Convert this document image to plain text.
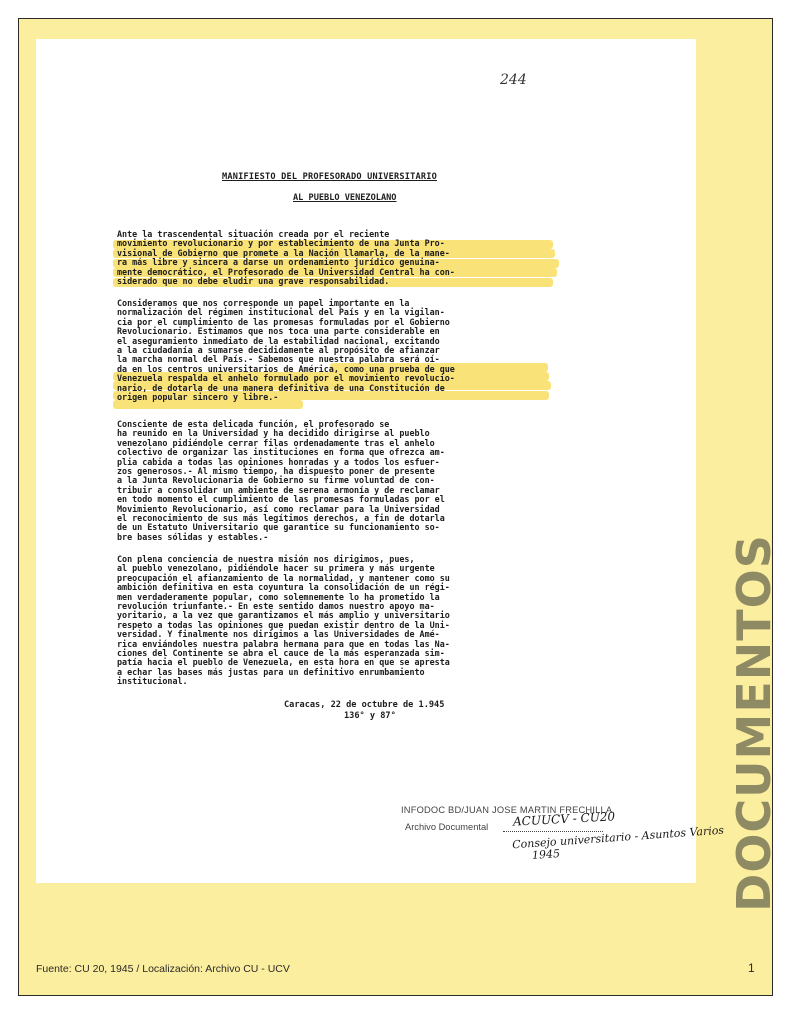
244
MANIFIESTO DEL PROFESORADO UNIVERSITARIO
AL PUEBLO VENEZOLANO
Ante la trascendental situación creada por el reciente
movimiento revolucionario y por establecimiento de una Junta Pro-
visional de Gobierno que promete a la Nación llamarla, de la mane-
ra más libre y sincera a darse un ordenamiento jurídico genuina-
mente democrático, el Profesorado de la Universidad Central ha con-
siderado que no debe eludir una grave responsabilidad.
Consideramos que nos corresponde un papel importante en la
normalización del régimen institucional del País y en la vigilan-
cia por el cumplimiento de las promesas formuladas por el Gobierno
Revolucionario. Estimamos que nos toca una parte considerable en
el aseguramiento inmediato de la estabilidad nacional, excitando
a la ciudadanía a sumarse decididamente al propósito de afianzar
la marcha normal del País.- Sabemos que nuestra palabra será oí-
da en los centros universitarios de América, como una prueba de que
Venezuela respalda el anhelo formulado por el movimiento revolucio-
nario, de dotarla de una manera definitiva de una Constitución de
origen popular sincero y libre.-
Consciente de esta delicada función, el profesorado se
ha reunido en la Universidad y ha decidido dirigirse al pueblo
venezolano pidiéndole cerrar filas ordenadamente tras el anhelo
colectivo de organizar las instituciones en forma que ofrezca am-
plia cabida a todas las opiniones honradas y a todos los esfuer-
zos generosos.- Al mismo tiempo, ha dispuesto poner de presente
a la Junta Revolucionaria de Gobierno su firme voluntad de con-
tribuir a consolidar un ambiente de serena armonía y de reclamar
en todo momento el cumplimiento de las promesas formuladas por el
Movimiento Revolucionario, así como reclamar para la Universidad
el reconocimiento de sus más legítimos derechos, a fin de dotarla
de un Estatuto Universitario que garantice su funcionamiento so-
bre bases sólidas y estables.-
Con plena conciencia de nuestra misión nos dirigimos, pues,
al pueblo venezolano, pidiéndole hacer su primera y más urgente
preocupación el afianzamiento de la normalidad, y mantener como su
ambición definitiva en esta coyuntura la consolidación de un régi-
men verdaderamente popular, como solemnemente lo ha prometido la
revolución triunfante.- En este sentido damos nuestro apoyo ma-
yoritario, a la vez que garantizamos el más amplio y universitario
respeto a todas las opiniones que puedan existir dentro de la Uni-
versidad. Y finalmente nos dirigimos a las Universidades de Amé-
rica enviándoles nuestra palabra hermana para que en todas las Na-
ciones del Continente se abra el cauce de la más esperanzada sim-
patía hacia el pueblo de Venezuela, en esta hora en que se apresta
a echar las bases más justas para un definitivo enrumbamiento
institucional.
Caracas, 22 de octubre de 1.945
136° y 87°
INFODOC BD/JUAN JOSE MARTIN FRECHILLA
Archivo Documental ACUUCV - CU20
Consejo universitario - Asuntos Varios
1945	DOCUMENTOS
Fuente: CU 20, 1945 / Localización: Archivo CU - UCV	1
